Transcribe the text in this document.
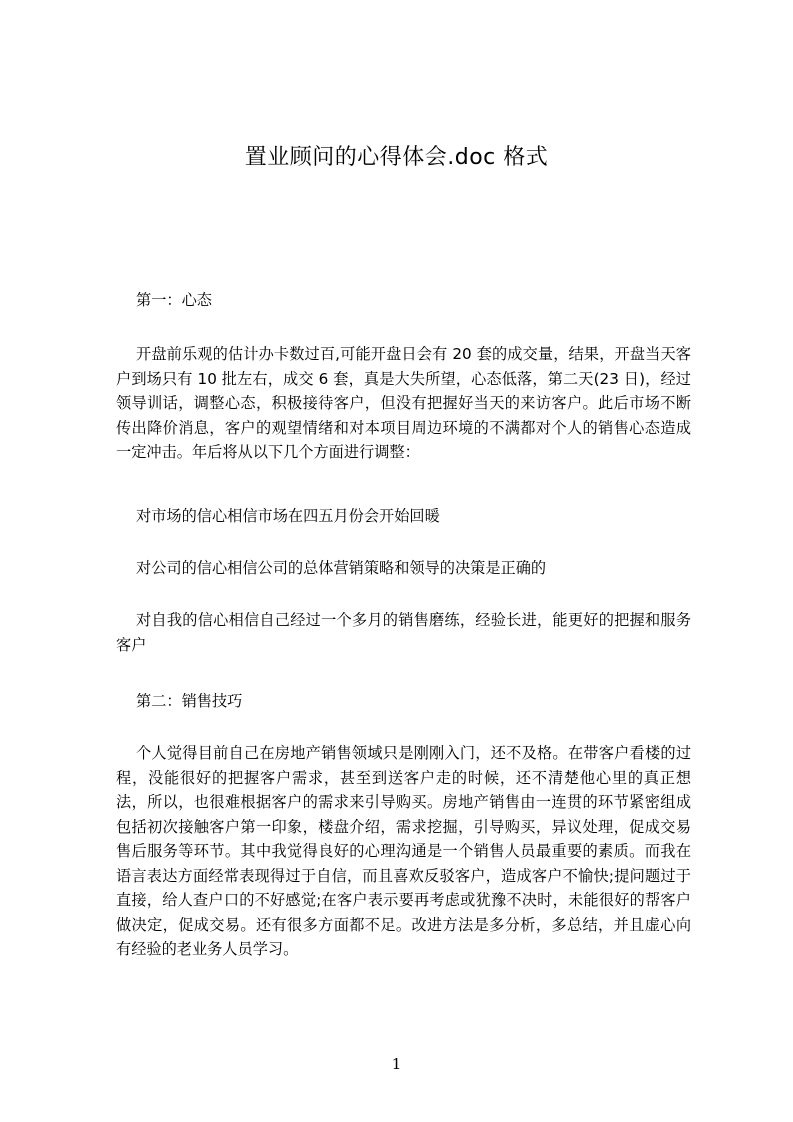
置业顾问的心得体会.doc 格式
第一：心态
开盘前乐观的估计办卡数过百,可能开盘日会有 20 套的成交量，结果，开盘当天客户到场只有 10 批左右，成交 6 套，真是大失所望，心态低落，第二天(23 日)，经过领导训话，调整心态，积极接待客户，但没有把握好当天的来访客户。此后市场不断传出降价消息，客户的观望情绪和对本项目周边环境的不满都对个人的销售心态造成一定冲击。年后将从以下几个方面进行调整：
对市场的信心相信市场在四五月份会开始回暖
对公司的信心相信公司的总体营销策略和领导的决策是正确的
对自我的信心相信自己经过一个多月的销售磨练，经验长进，能更好的把握和服务客户
第二：销售技巧
个人觉得目前自己在房地产销售领域只是刚刚入门，还不及格。在带客户看楼的过程，没能很好的把握客户需求，甚至到送客户走的时候，还不清楚他心里的真正想法，所以，也很难根据客户的需求来引导购买。房地产销售由一连贯的环节紧密组成包括初次接触客户第一印象，楼盘介绍，需求挖掘，引导购买，异议处理，促成交易售后服务等环节。其中我觉得良好的心理沟通是一个销售人员最重要的素质。而我在语言表达方面经常表现得过于自信，而且喜欢反驳客户，造成客户不愉快;提问题过于直接，给人查户口的不好感觉;在客户表示要再考虑或犹豫不决时，未能很好的帮客户做决定，促成交易。还有很多方面都不足。改进方法是多分析，多总结，并且虚心向有经验的老业务人员学习。
1
